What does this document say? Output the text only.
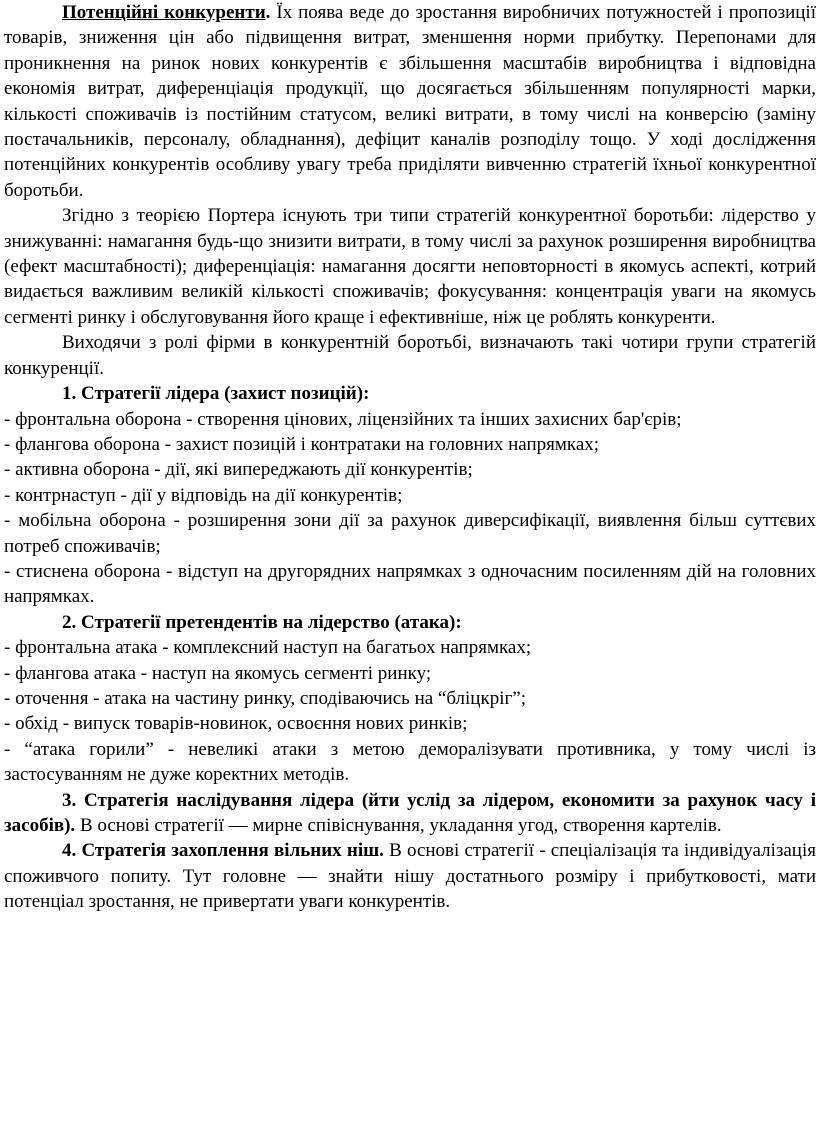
Потенційні конкуренти. Їх поява веде до зростання виробничих потужностей і пропозиції товарів, зниження цін або підвищення витрат, зменшення норми прибутку. Перепонами для проникнення на ринок нових конкурентів є збільшення масштабів виробництва і відповідна економія витрат, диференціація продукції, що досягається збільшенням популярності марки, кількості споживачів із постійним статусом, великі витрати, в тому числі на конверсію (заміну постачальників, персоналу, обладнання), дефіцит каналів розподілу тощо. У ході дослідження потенційних конкурентів особливу увагу треба приділяти вивченню стратегій їхньої конкурентної боротьби.

Згідно з теорією Портера існують три типи стратегій конкурентної боротьби: лідерство у знижуванні: намагання будь-що знизити витрати, в тому числі за рахунок розширення виробництва (ефект масштабності); диференціація: намагання досягти неповторності в якомусь аспекті, котрий видається важливим великій кількості споживачів; фокусування: концентрація уваги на якомусь сегменті ринку і обслуговування його краще і ефективніше, ніж це роблять конкуренти.

Виходячи з ролі фірми в конкурентній боротьбі, визначають такі чотири групи стратегій конкуренції.

1. Стратегії лідера (захист позицій):

- фронтальна оборона - створення цінових, ліцензійних та інших захисних бар'єрів;

- флангова оборона - захист позицій і контратаки на головних напрямках;

- активна оборона - дії, які випереджають дії конкурентів;

- контрнаступ - дії у відповідь на дії конкурентів;

- мобільна оборона - розширення зони дії за рахунок диверсифікації, виявлення більш суттєвих потреб споживачів;

- стиснена оборона - відступ на другорядних напрямках з одночасним посиленням дій на головних напрямках.

2. Стратегії претендентів на лідерство (атака):

- фронтальна атака - комплексний наступ на багатьох напрямках;

- флангова атака - наступ на якомусь сегменті ринку;

- оточення - атака на частину ринку, сподіваючись на “бліцкріг”;

- обхід - випуск товарів-новинок, освоєння нових ринків;

- “атака горили” - невеликі атаки з метою деморалізувати противника, у тому числі із застосуванням не дуже коректних методів.

3. Стратегія наслідування лідера (йти услід за лідером, економити за рахунок часу і засобів). В основі стратегії — мирне співіснування, укладання угод, створення картелів.

4. Стратегія захоплення вільних ніш. В основі стратегії - спеціалізація та індивідуалізація споживчого попиту. Тут головне — знайти нішу достатнього розміру і прибутковості, мати потенціал зростання, не привертати уваги конкурентів.
